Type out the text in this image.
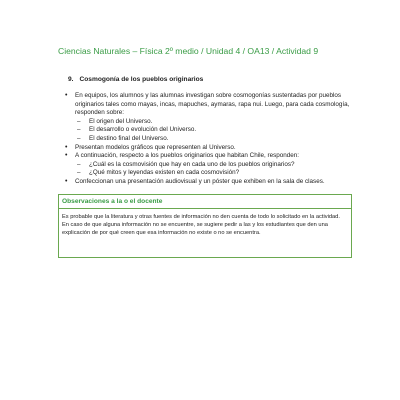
Ciencias Naturales – Física 2º medio / Unidad 4 / OA13 / Actividad 9
9. Cosmogonía de los pueblos originarios
• En equipos, los alumnos y las alumnas investigan sobre cosmogonías sustentadas por pueblos originarios tales como mayas, incas, mapuches, aymaras, rapa nui. Luego, para cada cosmología, responden sobre:
– El origen del Universo.
– El desarrollo o evolución del Universo.
– El destino final del Universo.
• Presentan modelos gráficos que representen al Universo.
• A continuación, respecto a los pueblos originarios que habitan Chile, responden:
– ¿Cuál es la cosmovisión que hay en cada uno de los pueblos originarios?
– ¿Qué mitos y leyendas existen en cada cosmovisión?
• Confeccionan una presentación audiovisual y un póster que exhiben en la sala de clases.
Observaciones a la o el docente
Es probable que la literatura y otras fuentes de información no den cuenta de todo lo solicitado en la actividad. En caso de que alguna información no se encuentre, se sugiere pedir a las y los estudiantes que den una explicación de por qué creen que esa información no existe o no se encuentra.
